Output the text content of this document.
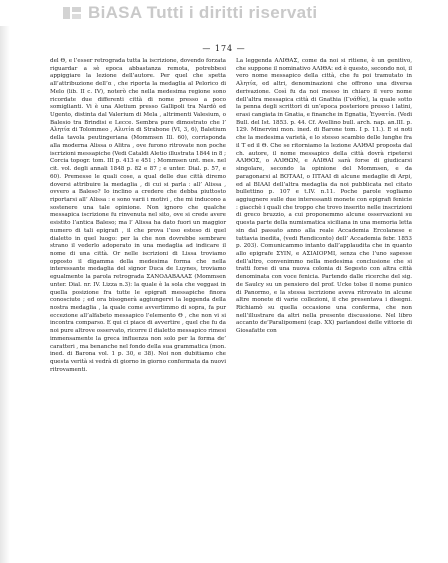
BiASA Tutti i diritti riservati
— 174 —

del Θ, e l’esser retrograda tutta la iscrizione, dovendo forzata riguardar a sè epoca abbastanza remota, potrebbesi appiggiare la lezione dell’autore. Per quel che spetta all’attribuzione dell’α , che riporta la medaglia al Pelorico di Melo (lib. II c. IV), noterò che nella medesima regione sono ricordate due differenti città di nome presso a poco somiglianti. Vi è una Aletium presso Gallipoli tra Nardò ed Ugento, distinta dal Valerium di Mela , altrimenti Valesium, o Balesio tra Brindisi e Lecce. Sembra pure dimostrato che l’ Αλητία di Tolommeo , Αλυτία di Strabone (VI, 3, 6), Baletium della tavola peutingeriana (Mommsen Ill. 60), corrisponda alla moderna Alissa o Alitra , ove furono ritrovate non poche iscrizioni messapiche (Vedi Cataldi Aletio illustrata 1844 in 8 ; Corcia topogr. tom. III p. 413 e 451 ; Mommsen unt. mes. nel cit. vol. degli annali 1848 p. 82 e 87 ; e unter. Dial. p. 57, e 60). Premesse le quali cose, a qual delle due città diremo doversi attribuire la medaglia , di cui si parla : all’ Alissa , ovvero a Baleso? Io inclino a credere che debba piuttosto riportarsi all’ Alissa : e sono varii i motivi , che mi inducono a sostenere una tale opinione. Non ignoro che qualche messapica iscrizione fu rinvenuta nel sito, ove si crede avere esistito l’antica Baleso; ma l’ Alissa ha dato fuori un maggior numero di tali epigrafi , il che prova l’uso esteso di quel dialetto in quel luogo: per la che non dovrebbe sembrare strano il vederlo adoperato in una medaglia ad indicare il nome di una città. Or nelle iscrizioni di Lissa troviamo opposto il digamma della medesima forma che nella interessante medaglia del signor Duca de Luynes, troviamo egualmente la parola retrograda ΣΑΝΟΔΑΒΑΛΑΣ (Mommsen unter. Dial. nr. IV. Lizza n.3): la quale è la sola che veggasi in quella posizione fra tutte le epigrafi messapiche finora conosciute ; ed ora bisognerà aggiungervi la leggenda della nostra medaglia , la quale come avvertimmo di sopra, fa pur eccezione all’alfabeto messapico l’elemento Θ , che non vi si incontra comparso. E qui ci piace di avvertire , quel che fu da noi pure altrove osservato, ricorre il dialetto messapico rimesi immensamente la greca influenza non solo per la forma de’ caratteri , ma benanche nel fondo della sua grammatica (mon. ined. di Barona vol. 1 p. 30, e 38). Noi non dubitiamo che questa verità si vedrà di giorno in giorno confermata da nuovi ritrovamenti.

La leggenda ΑΛΙΘΑΣ, come da noi si ritiene, è un genitivo, che suppone il nominativo ΑΛΙΘΑ: ed è questo, secondo noi, il vero nome messapico della città, che fu poi tramutato in Αλητία, ed altri, denominazioni che offrono una diversa derivazione. Così fu da noi messo in chiaro il vero nome dell’altra messapica città di Gnathia (Γνάθία), la quale sotto la penna degli scrittori di un’epoca posteriore presso i latini, erasi cangiata in Gnatia, e finanche in Egnatia, Ἐγνατία. (Vedi Bull. del Ist. 1853. p. 44. Cf. Avellino bull. arch. nap. an.III. p. 129. Minervini mon. ined. di Barone tom. I p. 11.). E si noti che la medesima varietà, e lo stesso scambio delle lunghe fra il Τ ed il Θ. Che se ritorniamo la lezione ΑΛΙΘΑΙ proposta dal ch. autore, il nome messapico della città dovrà ripetersi ΑΛΙΘΟΣ, o ΑΛΙΘΩΝ, e ΑΛΙΘΑΙ sarà forse di giudicarsi singolare, secondo la opinione del Mommsen, e da paragonarsi al ΒΟΤΑΑΙ, o ΠΤΑΑΙ di alcune medaglie di Arpi, ed al ΒΙΛΑΙ dell’altra medaglia da noi pubblicata nel citato bullettino p. 107 e t.IV. n.11. Poche parole vogliamo aggiugnere sulle due interessanti monete con epigrafi fenicie : giacchè i quali che troppo che trovo inserito nelle inscrizioni di greco bruzzio, a cui proponemmo alcune osservazioni su questa parte della numismatica siciliana in una memoria letta sin dal passato anno alla reale Accademia Ercolanese e tuttavia inedita, (vedi Rendiconto) dell’ Accademia febr. 1853 p. 203). Comunicammo intanto dall’applaudita che in quanto allo epigrafe ΣΥΙΝ, e ΑΣΙΑΙΟΡΜΙ, senza che l’uno sapesse dell’altro, convenimmo nella medesima conclusione che si tratti forse di una nuova colonia di Segesto con altra città denominata con voce fenicia. Partendo dalle ricerche del sig. de Saulcy su un pensiero del prof. Ucke tolse il nome punico di Panormo, e la stessa iscrizione aveva ritrovato in alcune altre monete di varie collezioni, il che presentava i disegni. Richiamò su quella occasione una conferma, che non nell’illustrare da altri nella presente discussione. Nel libro accanto de’Paralipomeni (cap. XX) parlandosi delle vittorie di Giosafatte con
